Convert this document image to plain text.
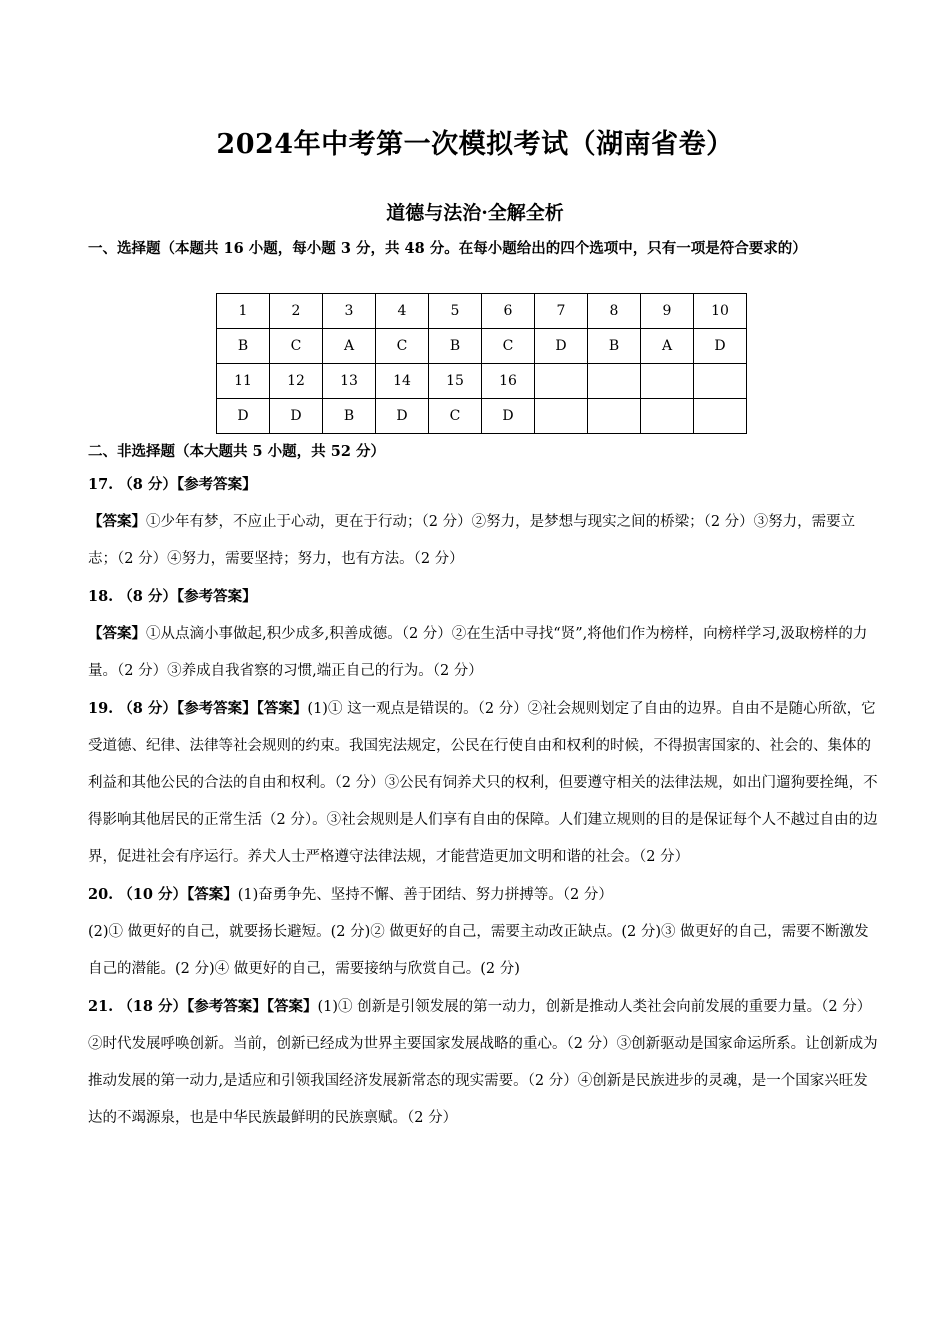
2024年中考第一次模拟考试（湖南省卷）
道德与法治·全解全析
一、选择题（本题共 16 小题，每小题 3 分，共 48 分。在每小题给出的四个选项中，只有一项是符合要求的）
1	2	3	4	5	6	7	8	9	10
B	C	A	C	B	C	D	B	A	D
11	12	13	14	15	16				
D	D	B	D	C	D				
二、非选择题（本大题共 5 小题，共 52 分）

17. （8 分）【参考答案】

【答案】①少年有梦，不应止于心动，更在于行动；（2 分）②努力，是梦想与现实之间的桥梁；（2 分）③努力，需要立志；（2 分）④努力，需要坚持；努力，也有方法。（2 分）

18. （8 分）【参考答案】

【答案】①从点滴小事做起,积少成多,积善成德。（2 分）②在生活中寻找“贤”,将他们作为榜样，向榜样学习,汲取榜样的力量。（2 分）③养成自我省察的习惯,端正自己的行为。（2 分）

19. （8 分）【参考答案】【答案】(1)① 这一观点是错误的。（2 分）②社会规则划定了自由的边界。自由不是随心所欲，它受道德、纪律、法律等社会规则的约束。我国宪法规定，公民在行使自由和权利的时候，不得损害国家的、社会的、集体的利益和其他公民的合法的自由和权利。（2 分）③公民有饲养犬只的权利，但要遵守相关的法律法规，如出门遛狗要拴绳，不得影响其他居民的正常生活（2 分）。③社会规则是人们享有自由的保障。人们建立规则的目的是保证每个人不越过自由的边界，促进社会有序运行。养犬人士严格遵守法律法规，才能营造更加文明和谐的社会。（2 分）

20. （10 分）【答案】(1)奋勇争先、坚持不懈、善于团结、努力拼搏等。（2 分）

(2)① 做更好的自己，就要扬长避短。(2 分)② 做更好的自己，需要主动改正缺点。(2 分)③ 做更好的自己，需要不断激发自己的潜能。(2 分)④ 做更好的自己，需要接纳与欣赏自己。(2 分)

21. （18 分）【参考答案】【答案】(1)① 创新是引领发展的第一动力，创新是推动人类社会向前发展的重要力量。（2 分）②时代发展呼唤创新。当前，创新已经成为世界主要国家发展战略的重心。（2 分）③创新驱动是国家命运所系。让创新成为推动发展的第一动力,是适应和引领我国经济发展新常态的现实需要。（2 分）④创新是民族进步的灵魂，是一个国家兴旺发达的不竭源泉，也是中华民族最鲜明的民族禀赋。（2 分）
